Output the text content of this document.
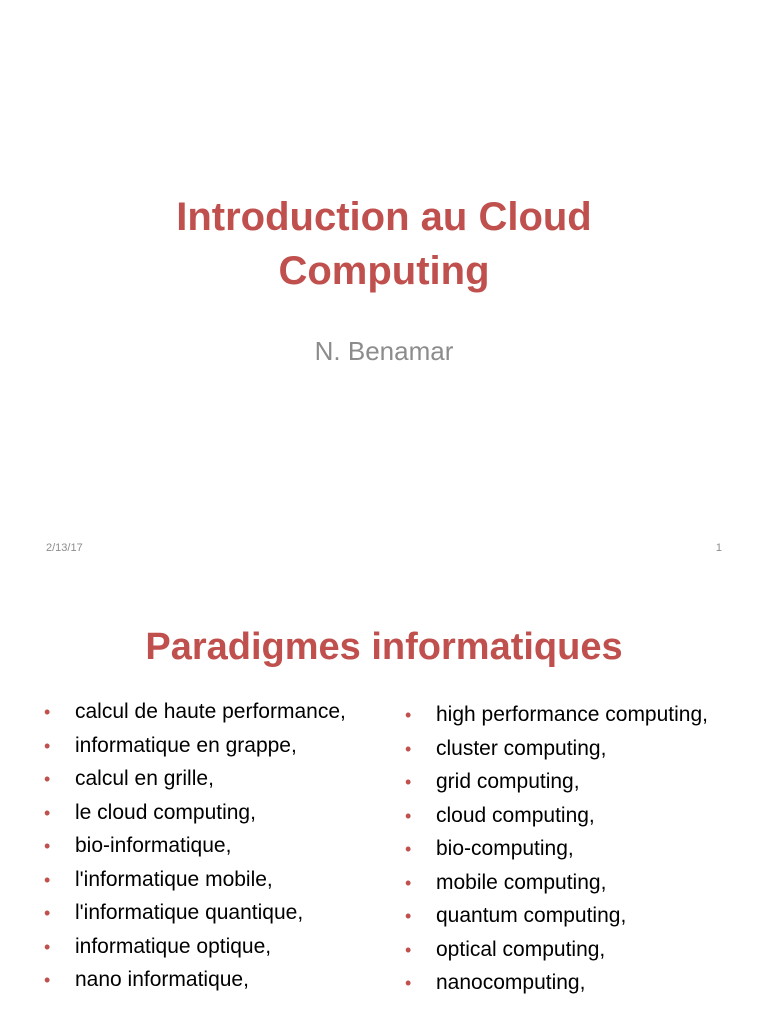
Introduction au Cloud
Computing
N. Benamar
2/13/17	1
Paradigmes informatiques
• calcul de haute performance,
• informatique en grappe,
• calcul en grille,
• le cloud computing,
• bio-informatique,
• l'informatique mobile,
• l'informatique quantique,
• informatique optique,
• nano informatique,
• high performance computing,
• cluster computing,
• grid computing,
• cloud computing,
• bio-computing,
• mobile computing,
• quantum computing,
• optical computing,
• nanocomputing,
